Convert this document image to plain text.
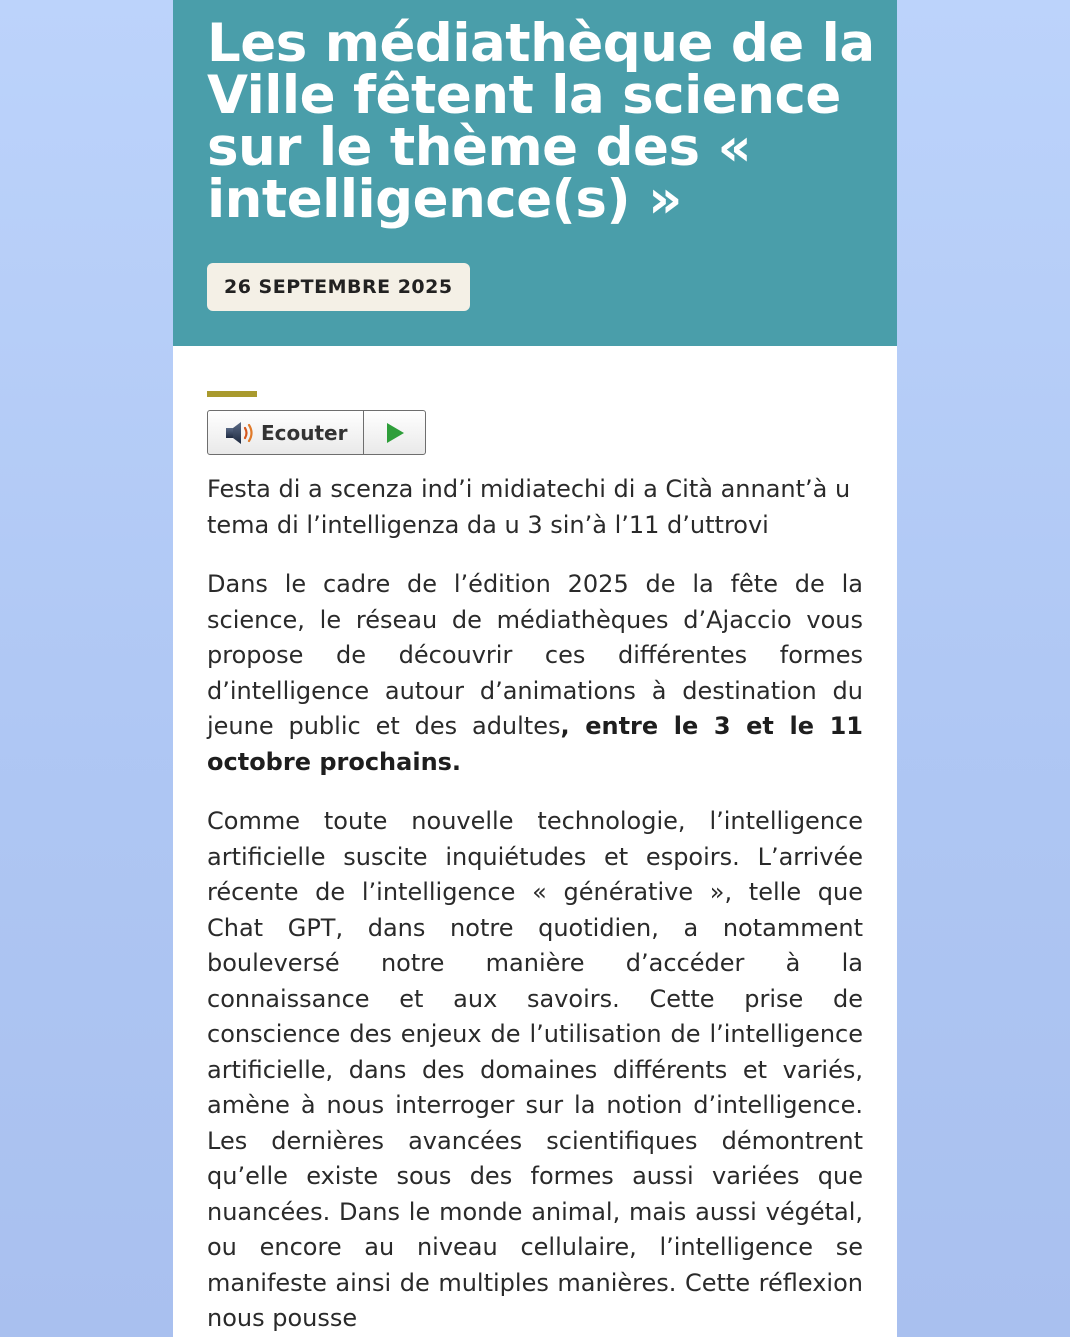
Les médiathèque de la Ville fêtent la science sur le thème des « intelligence(s) »
26 SEPTEMBRE 2025
Ecouter

Festa di a scenza ind’i midiatechi di a Cità annant’à u tema di l’intelligenza da u 3 sin’à l’11 d’uttrovi

Dans le cadre de l’édition 2025 de la fête de la science, le réseau de médiathèques d’Ajaccio vous propose de découvrir ces différentes formes d’intelligence autour d’animations à destination du jeune public et des adultes, entre le 3 et le 11 octobre prochains.

Comme toute nouvelle technologie, l’intelligence artificielle suscite inquiétudes et espoirs. L’arrivée récente de l’intelligence « générative », telle que Chat GPT, dans notre quotidien, a notamment bouleversé notre manière d’accéder à la connaissance et aux savoirs. Cette prise de conscience des enjeux de l’utilisation de l’intelligence artificielle, dans des domaines différents et variés, amène à nous interroger sur la notion d’intelligence. Les dernières avancées scientifiques démontrent qu’elle existe sous des formes aussi variées que nuancées. Dans le monde animal, mais aussi végétal, ou encore au niveau cellulaire, l’intelligence se manifeste ainsi de multiples manières. Cette réflexion nous pousse
